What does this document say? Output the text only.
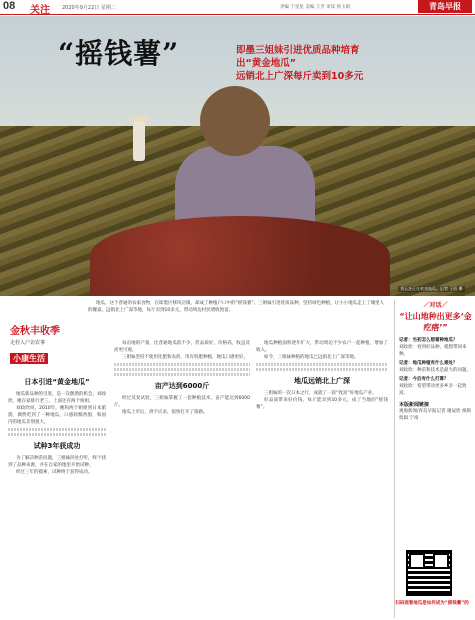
08 关注 2020年9月22日 星期二	责编 于星星 美编 王芳 审读 侯玉娟	青岛早报
“摇钱薯”	即墨三姐妹引进优质品种培育
出“黄金地瓜”
远销北上广深每斤卖到10多元
刘玉芝正在收获地瓜。记者 王昭 摄
地瓜，这个普通的农家食物，在即墨区移风店镇，却成了种植户口中的“摇钱薯”。三姐妹引进优质品种，坚持绿色种植，让小小地瓜走上了城里人的餐桌，远销北上广深等地，每斤卖到10多元，带动周边村民增收致富。
金秋丰收季
走村入户访农事
小康生活
日本引进“黄金地瓜”

地瓜新品种的引进，是一次偶然的机会。刘政欣，她在家排行老三，上面还有两个姐姐。

刘政欣说，2010年，她和两个姐姐到日本旅游，偶然吃到了一种地瓜，口感软糯香甜，和国内的地瓜差别很大。

试种3年获成功

为了解决种苗问题，三姐妹四处打听，终于找到了品种来源，并在自家的地里开始试种。

经过三年的摸索，试种终于获得成功。

每亩地的产量，比普通地瓜低不少，但品质好，价格高，收益反而更可观。

三姐妹坚持不使用化肥和农药，用有机肥种植，地瓜口感更好。

亩产达到6000斤

经过反复试验，三姐妹掌握了一套种植技术，亩产能达到6000斤。

地瓜上市后，供不应求，很快打开了销路。

地瓜种植面积逐年扩大，带动周边不少农户一起种植，增加了收入。

如今，三姐妹种植的地瓜已远销北上广深等地。

地瓜远销北上广深

三姐妹的一次日本之行，成就了一段“致富”好地瓜产业。

好品质带来好价钱，每斤能卖到10多元，成了当地的“摇钱薯”。

／对话／
“让山地种出更多‘金疙瘩’”
记者：当初怎么想着种地瓜？
刘政欣：看到好品种，就想带回来种。
记者：地瓜种植有什么难处？
刘政欣：种苗和技术是最大的问题。
记者：今后有什么打算？
刘政欣：希望带动更多乡亲一起致富。
本版新闻链接
观海新闻/青岛早报记者 谢辰欣 视频剪辑 宁靖
扫码观看地瓜是如何成为“摇钱薯”的
